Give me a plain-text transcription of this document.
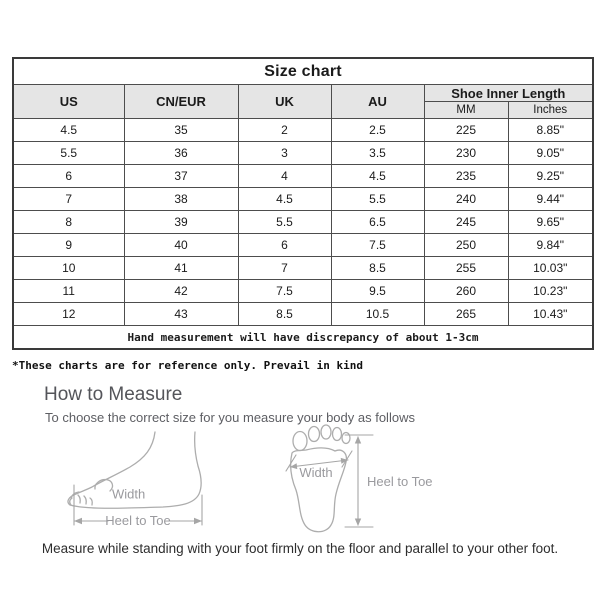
Size chart					
US	CN/EUR	UK	AU	Shoe Inner Length	
				MM	Inches
4.5	35	2	2.5	225	8.85"
5.5	36	3	3.5	230	9.05"
6	37	4	4.5	235	9.25"
7	38	4.5	5.5	240	9.44"
8	39	5.5	6.5	245	9.65"
9	40	6	7.5	250	9.84"
10	41	7	8.5	255	10.03"
11	42	7.5	9.5	260	10.23"
12	43	8.5	10.5	265	10.43"
Hand measurement will have discrepancy of about 1-3cm					
*These charts are for reference only. Prevail in kind
How to Measure
To choose the correct size for you measure your body as follows
Width
Heel to Toe
Width
Heel to Toe
Measure while standing with your foot firmly on the floor and parallel to your other foot.
